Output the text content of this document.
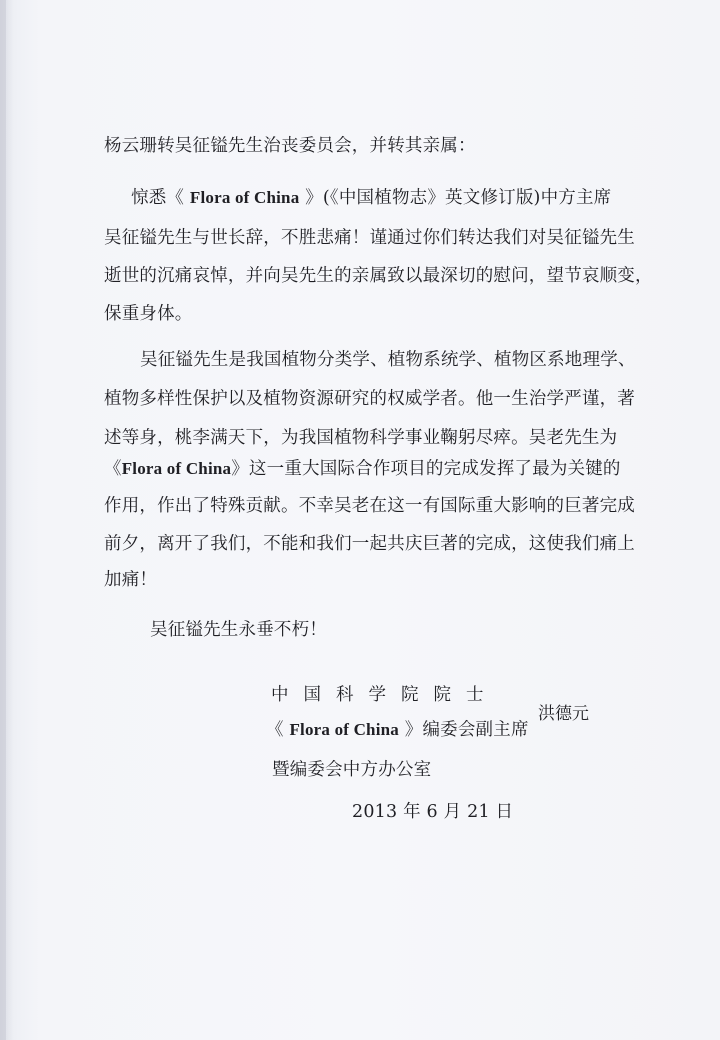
杨云珊转吴征镒先生治丧委员会，并转其亲属：
惊悉《 Flora of China 》(《中国植物志》英文修订版)中方主席
吴征镒先生与世长辞，不胜悲痛！谨通过你们转达我们对吴征镒先生
逝世的沉痛哀悼，并向吴先生的亲属致以最深切的慰问，望节哀顺变，
保重身体。
吴征镒先生是我国植物分类学、植物系统学、植物区系地理学、
植物多样性保护以及植物资源研究的权威学者。他一生治学严谨，著
述等身，桃李满天下，为我国植物科学事业鞠躬尽瘁。吴老先生为
《Flora of China》这一重大国际合作项目的完成发挥了最为关键的
作用，作出了特殊贡献。不幸吴老在这一有国际重大影响的巨著完成
前夕，离开了我们，不能和我们一起共庆巨著的完成，这使我们痛上
加痛！
吴征镒先生永垂不朽！
中国科学院院士
《 Flora of China 》编委会副主席
暨编委会中方办公室
洪德元
2013 年 6 月 21 日
